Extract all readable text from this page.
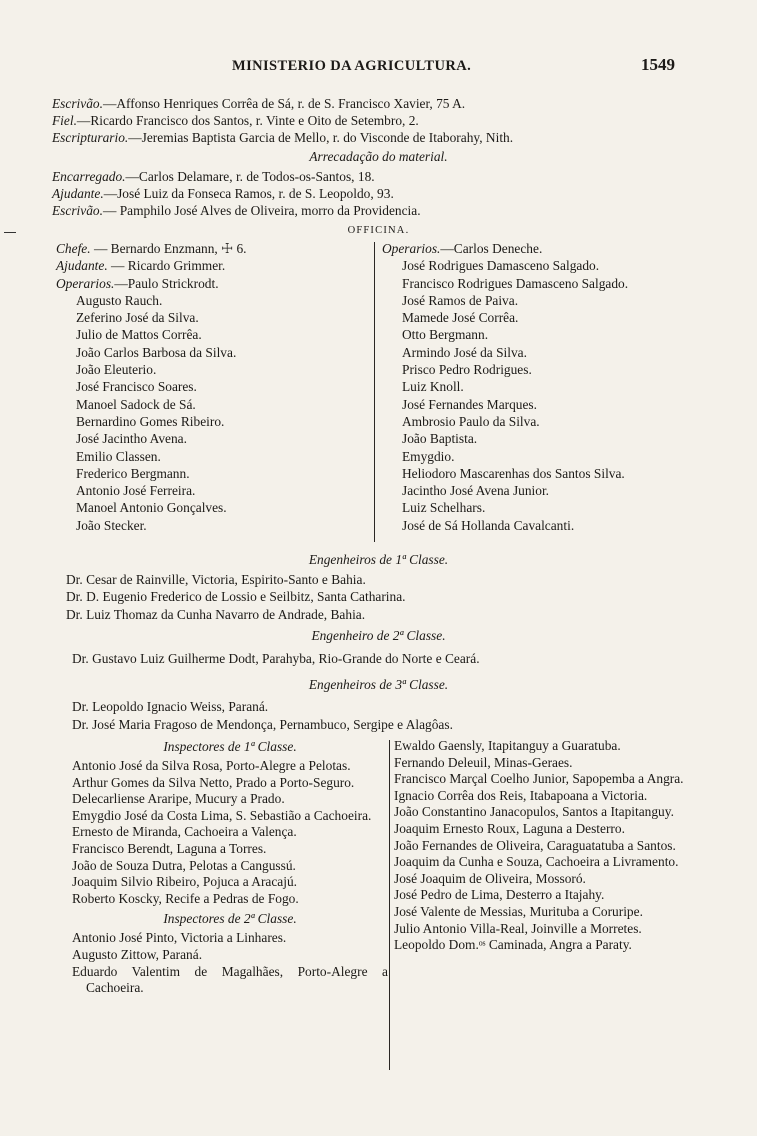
MINISTERIO DA AGRICULTURA.	1549
Escrivão.—Affonso Henriques Corrêa de Sá, r. de S. Francisco Xavier, 75 A.
Fiel.—Ricardo Francisco dos Santos, r. Vinte e Oito de Setembro, 2.
Escripturario.—Jeremias Baptista Garcia de Mello, r. do Visconde de Itaborahy, Nith.
Arrecadação do material.
Encarregado.—Carlos Delamare, r. de Todos-os-Santos, 18.
Ajudante.—José Luiz da Fonseca Ramos, r. de S. Leopoldo, 93.
Escrivão.— Pamphilo José Alves de Oliveira, morro da Providencia.
OFFICINA.
Chefe. — Bernardo Enzmann, ☩ 6.
Ajudante. — Ricardo Grimmer.
Operarios.—Paulo Strickrodt.
Augusto Rauch.
Zeferino José da Silva.
Julio de Mattos Corrêa.
João Carlos Barbosa da Silva.
João Eleuterio.
José Francisco Soares.
Manoel Sadock de Sá.
Bernardino Gomes Ribeiro.
José Jacintho Avena.
Emilio Classen.
Frederico Bergmann.
Antonio José Ferreira.
Manoel Antonio Gonçalves.
João Stecker.
Operarios.—Carlos Deneche.
José Rodrigues Damasceno Salgado.
Francisco Rodrigues Damasceno Salgado.
José Ramos de Paiva.
Mamede José Corrêa.
Otto Bergmann.
Armindo José da Silva.
Prisco Pedro Rodrigues.
Luiz Knoll.
José Fernandes Marques.
Ambrosio Paulo da Silva.
João Baptista.
Emygdio.
Heliodoro Mascarenhas dos Santos Silva.
Jacintho José Avena Junior.
Luiz Schelhars.
José de Sá Hollanda Cavalcanti.
Engenheiros de 1ª Classe.
Dr. Cesar de Rainville, Victoria, Espirito-Santo e Bahia.
Dr. D. Eugenio Frederico de Lossio e Seilbitz, Santa Catharina.
Dr. Luiz Thomaz da Cunha Navarro de Andrade, Bahia.
Engenheiro de 2ª Classe.
Dr. Gustavo Luiz Guilherme Dodt, Parahyba, Rio-Grande do Norte e Ceará.
Engenheiros de 3ª Classe.
Dr. Leopoldo Ignacio Weiss, Paraná.
Dr. José Maria Fragoso de Mendonça, Pernambuco, Sergipe e Alagôas.
Inspectores de 1ª Classe.
Antonio José da Silva Rosa, Porto-Alegre a Pelotas.
Arthur Gomes da Silva Netto, Prado a Porto-Seguro.
Delecarliense Araripe, Mucury a Prado.
Emygdio José da Costa Lima, S. Sebastião a Cachoeira.
Ernesto de Miranda, Cachoeira a Valença.
Francisco Berendt, Laguna a Torres.
João de Souza Dutra, Pelotas a Cangussú.
Joaquim Silvio Ribeiro, Pojuca a Aracajú.
Roberto Koscky, Recife a Pedras de Fogo.
Inspectores de 2ª Classe.
Antonio José Pinto, Victoria a Linhares.
Augusto Zittow, Paraná.
Eduardo Valentim de Magalhães, Porto-Alegre a Cachoeira.
Ewaldo Gaensly, Itapitanguy a Guaratuba.
Fernando Deleuil, Minas-Geraes.
Francisco Marçal Coelho Junior, Sapopemba a Angra.
Ignacio Corrêa dos Reis, Itabapoana a Victoria.
João Constantino Janacopulos, Santos a Itapitanguy.
Joaquim Ernesto Roux, Laguna a Desterro.
João Fernandes de Oliveira, Caraguatatuba a Santos.
Joaquim da Cunha e Souza, Cachoeira a Livramento.
José Joaquim de Oliveira, Mossoró.
José Pedro de Lima, Desterro a Itajahy.
José Valente de Messias, Murituba a Coruripe.
Julio Antonio Villa-Real, Joinville a Morretes.
Leopoldo Dom.ᵒˢ Caminada, Angra a Paraty.
